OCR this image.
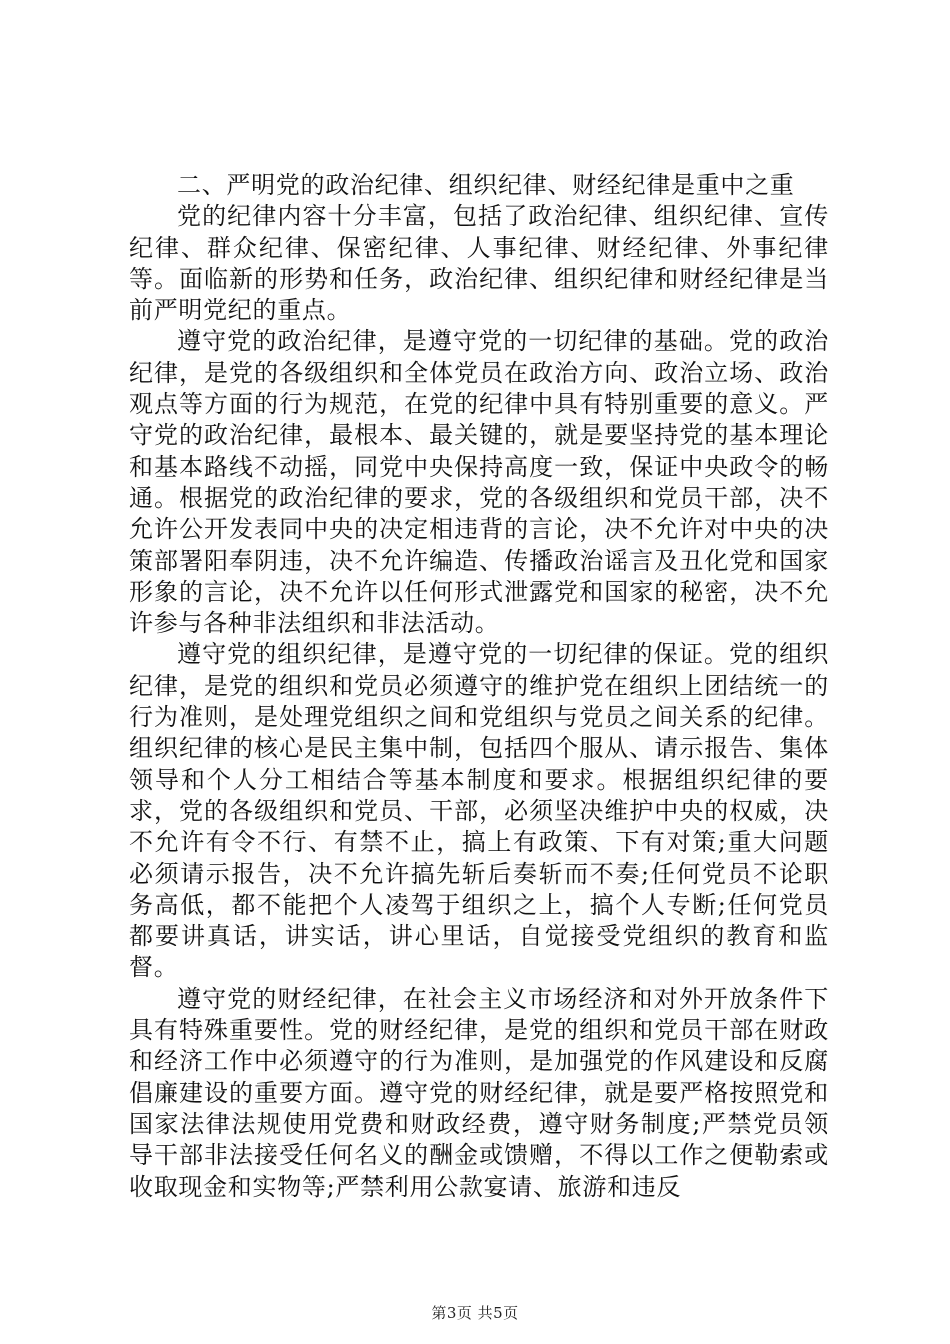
二、严明党的政治纪律、组织纪律、财经纪律是重中之重

党的纪律内容十分丰富，包括了政治纪律、组织纪律、宣传纪律、群众纪律、保密纪律、人事纪律、财经纪律、外事纪律等。面临新的形势和任务，政治纪律、组织纪律和财经纪律是当前严明党纪的重点。

遵守党的政治纪律，是遵守党的一切纪律的基础。党的政治纪律，是党的各级组织和全体党员在政治方向、政治立场、政治观点等方面的行为规范，在党的纪律中具有特别重要的意义。严守党的政治纪律，最根本、最关键的，就是要坚持党的基本理论和基本路线不动摇，同党中央保持高度一致，保证中央政令的畅通。根据党的政治纪律的要求，党的各级组织和党员干部，决不允许公开发表同中央的决定相违背的言论，决不允许对中央的决策部署阳奉阴违，决不允许编造、传播政治谣言及丑化党和国家形象的言论，决不允许以任何形式泄露党和国家的秘密，决不允许参与各种非法组织和非法活动。

遵守党的组织纪律，是遵守党的一切纪律的保证。党的组织纪律，是党的组织和党员必须遵守的维护党在组织上团结统一的行为准则，是处理党组织之间和党组织与党员之间关系的纪律。组织纪律的核心是民主集中制，包括四个服从、请示报告、集体领导和个人分工相结合等基本制度和要求。根据组织纪律的要求，党的各级组织和党员、干部，必须坚决维护中央的权威，决不允许有令不行、有禁不止，搞上有政策、下有对策;重大问题必须请示报告，决不允许搞先斩后奏斩而不奏;任何党员不论职务高低，都不能把个人凌驾于组织之上，搞个人专断;任何党员都要讲真话，讲实话，讲心里话，自觉接受党组织的教育和监督。

遵守党的财经纪律，在社会主义市场经济和对外开放条件下具有特殊重要性。党的财经纪律，是党的组织和党员干部在财政和经济工作中必须遵守的行为准则，是加强党的作风建设和反腐倡廉建设的重要方面。遵守党的财经纪律，就是要严格按照党和国家法律法规使用党费和财政经费，遵守财务制度;严禁党员领导干部非法接受任何名义的酬金或馈赠，不得以工作之便勒索或收取现金和实物等;严禁利用公款宴请、旅游和违反

第3页 共5页
